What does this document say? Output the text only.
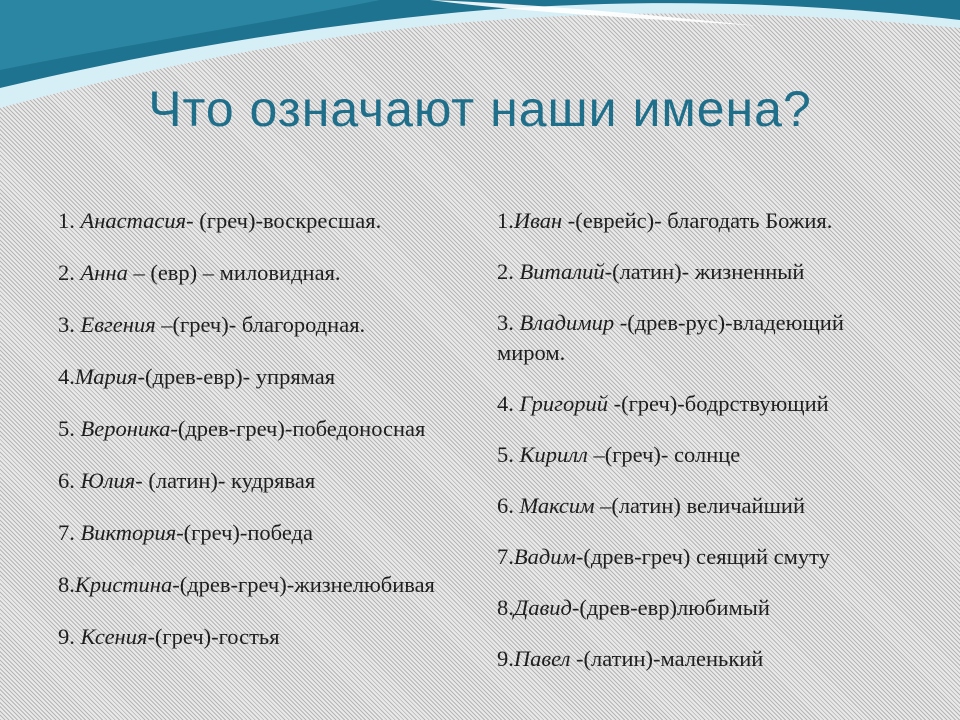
Что означают наши имена?
1. Анастасия- (греч)-воскресшая.
2. Анна – (евр) – миловидная.
3. Евгения –(греч)- благородная.
4.Мария-(древ-евр)- упрямая
5. Вероника-(древ-греч)-победоносная
6. Юлия- (латин)- кудрявая
7. Виктория-(греч)-победа
8.Кристина-(древ-греч)-жизнелюбивая
9. Ксения-(греч)-гостья
1.Иван -(еврейс)- благодать Божия.
2. Виталий-(латин)- жизненный
3. Владимир -(древ-рус)-владеющий миром.
4. Григорий -(греч)-бодрствующий
5. Кирилл –(греч)- солнце
6. Максим –(латин) величайший
7.Вадим-(древ-греч) сеящий смуту
8.Давид-(древ-евр)любимый
9.Павел -(латин)-маленький
